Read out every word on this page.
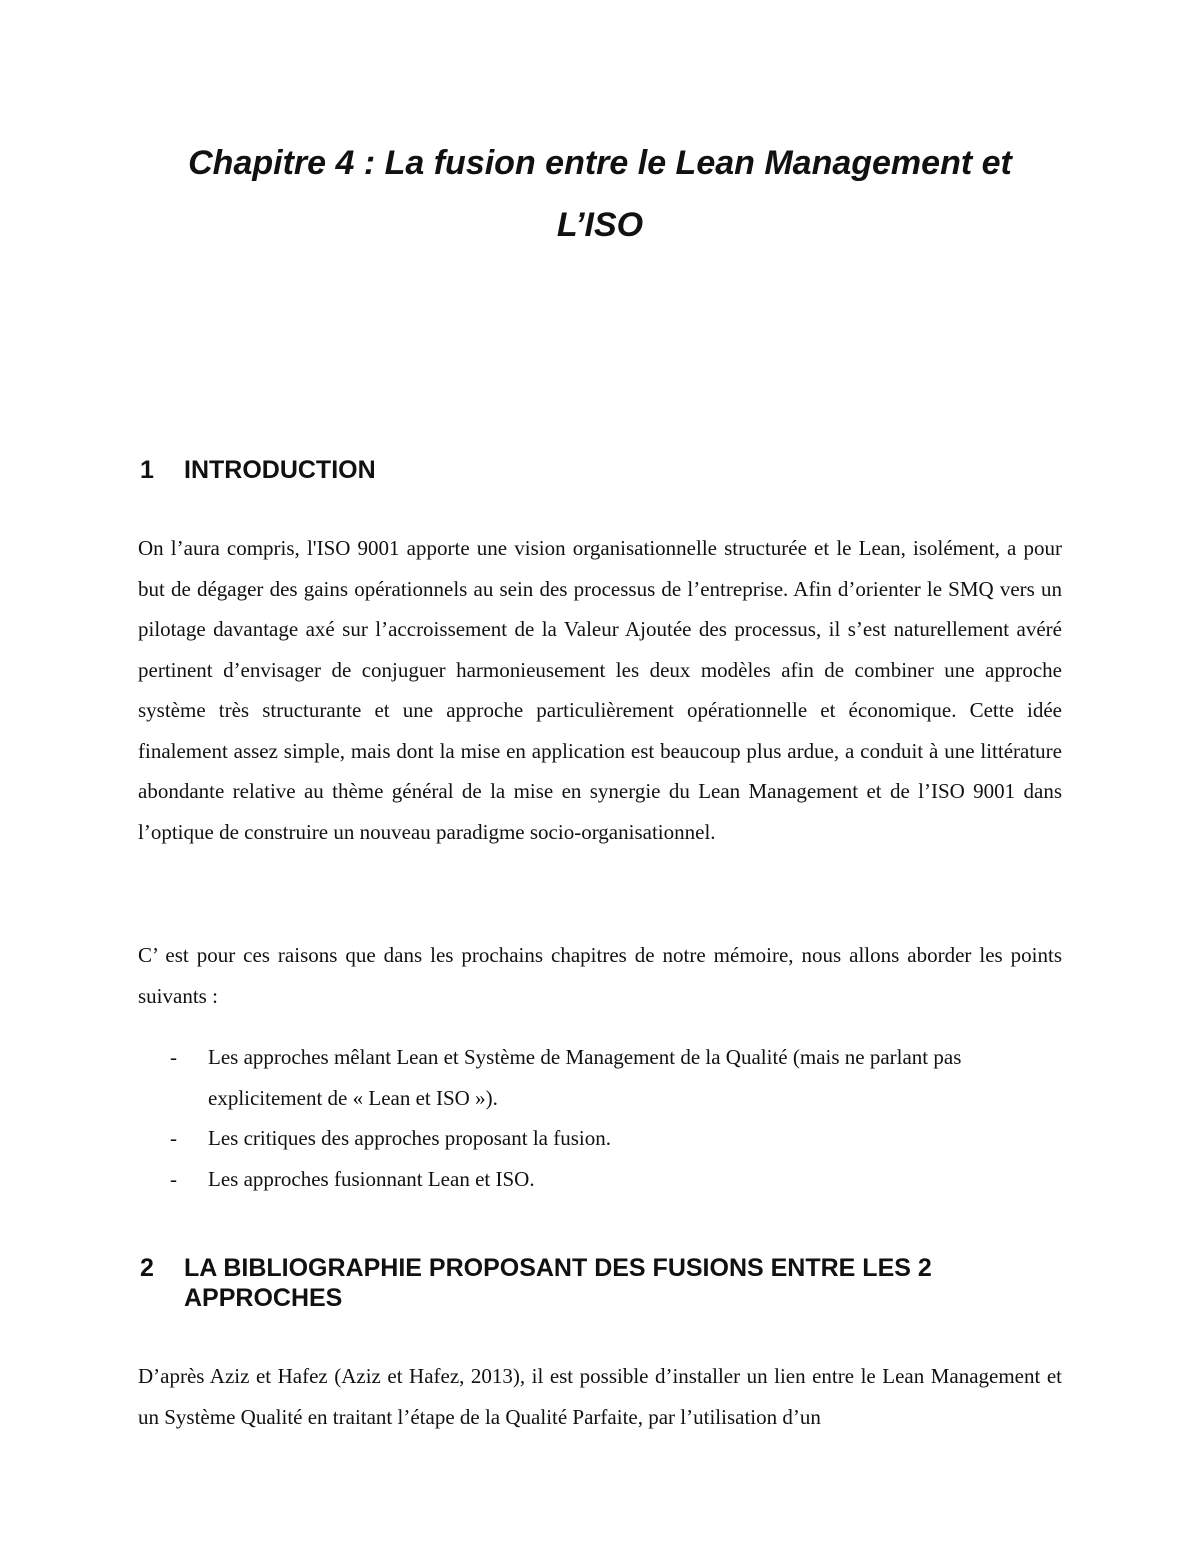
Chapitre 4 : La fusion entre le Lean Management et
L’ISO
1	INTRODUCTION

On l’aura compris, l'ISO 9001 apporte une vision organisationnelle structurée et le Lean, isolément, a pour but de dégager des gains opérationnels au sein des processus de l’entreprise. Afin d’orienter le SMQ vers un pilotage davantage axé sur l’accroissement de la Valeur Ajoutée des processus, il s’est naturellement avéré pertinent d’envisager de conjuguer harmonieusement les deux modèles afin de combiner une approche système très structurante et une approche particulièrement opérationnelle et économique. Cette idée finalement assez simple, mais dont la mise en application est beaucoup plus ardue, a conduit à une littérature abondante relative au thème général de la mise en synergie du Lean Management et de l’ISO 9001 dans l’optique de construire un nouveau paradigme socio-organisationnel.

C’ est pour ces raisons que dans les prochains chapitres de notre mémoire, nous allons aborder les points suivants :

-	Les approches mêlant Lean et Système de Management de la Qualité (mais ne parlant pas explicitement de « Lean et ISO »).
-	Les critiques des approches proposant la fusion.
-	Les approches fusionnant Lean et ISO.
2	LA BIBLIOGRAPHIE PROPOSANT DES FUSIONS ENTRE LES 2 APPROCHES

D’après Aziz et Hafez (Aziz et Hafez, 2013), il est possible d’installer un lien entre le Lean Management et un Système Qualité en traitant l’étape de la Qualité Parfaite, par l’utilisation d’un
